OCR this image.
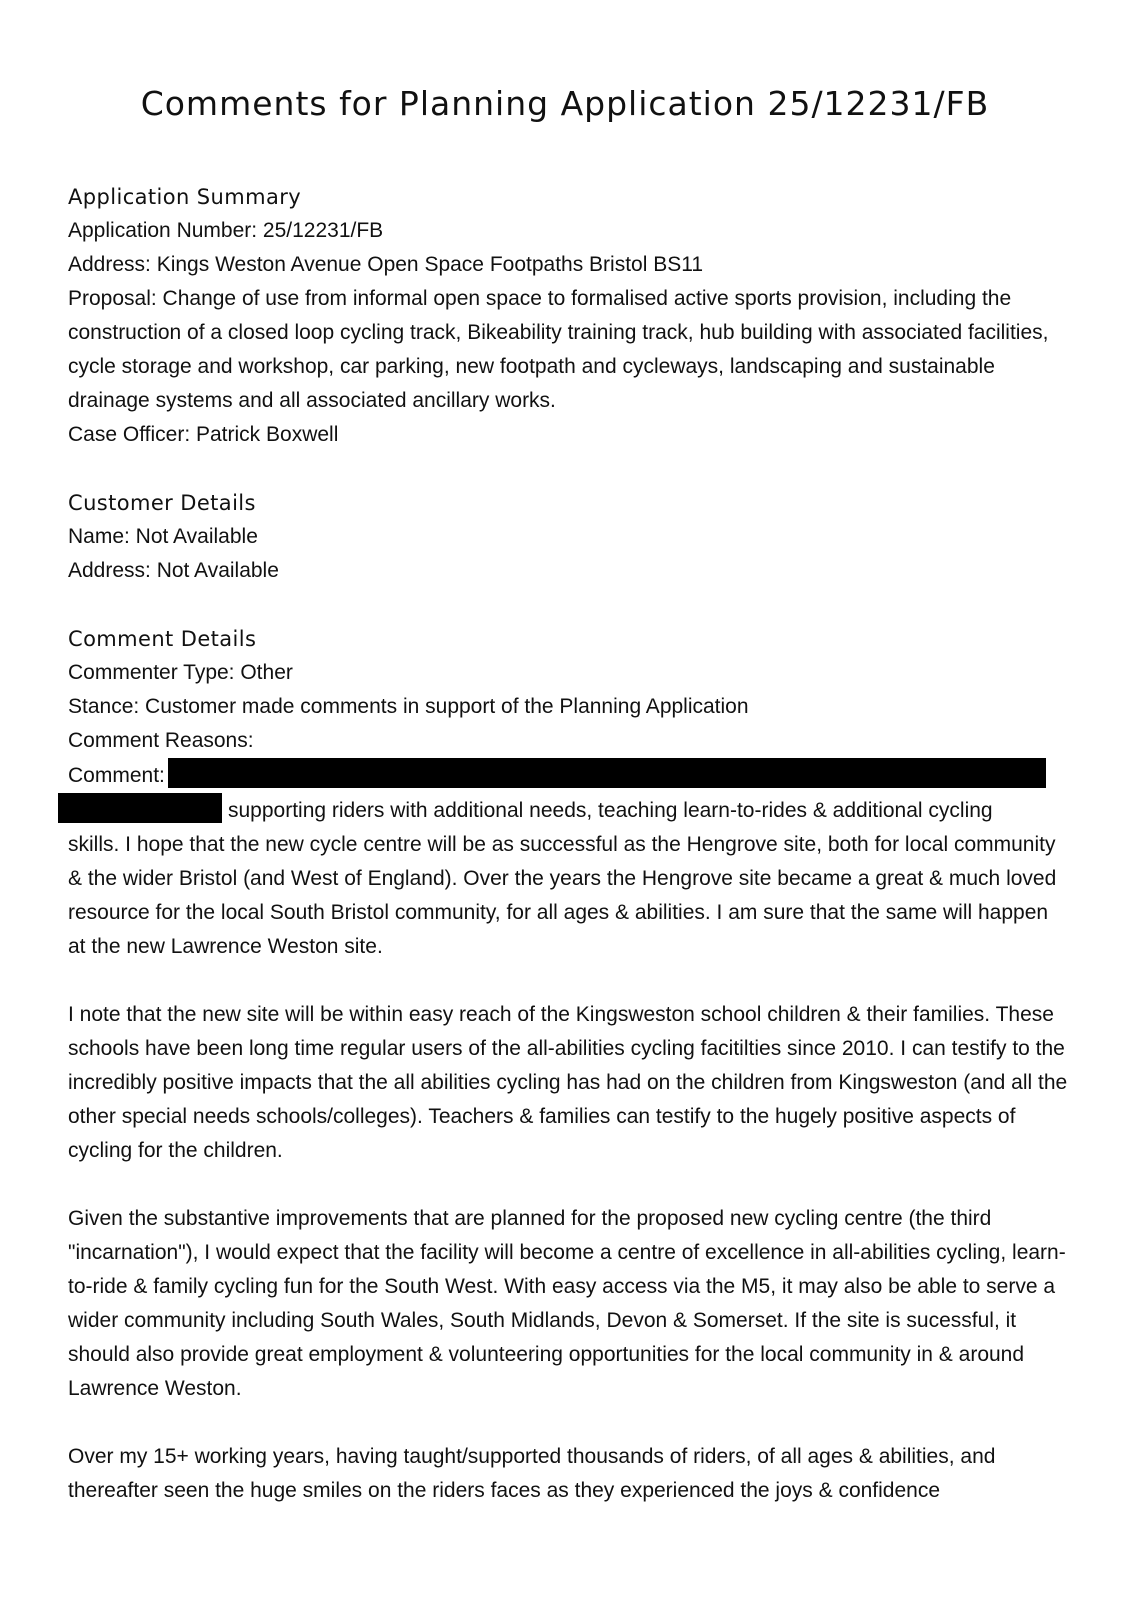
Comments for Planning Application 25/12231/FB

Application Summary

Application Number: 25/12231/FB

Address: Kings Weston Avenue Open Space Footpaths Bristol BS11

Proposal: Change of use from informal open space to formalised active sports provision, including the construction of a closed loop cycling track, Bikeability training track, hub building with associated facilities, cycle storage and workshop, car parking, new footpath and cycleways, landscaping and sustainable drainage systems and all associated ancillary works.

Case Officer: Patrick Boxwell

Customer Details

Name: Not Available

Address: Not Available

Comment Details

Commenter Type: Other

Stance: Customer made comments in support of the Planning Application

Comment Reasons:

Comment:

supporting riders with additional needs, teaching learn-to-rides & additional cycling

skills. I hope that the new cycle centre will be as successful as the Hengrove site, both for local community & the wider Bristol (and West of England). Over the years the Hengrove site became a great & much loved resource for the local South Bristol community, for all ages & abilities. I am sure that the same will happen at the new Lawrence Weston site.

I note that the new site will be within easy reach of the Kingsweston school children & their families. These schools have been long time regular users of the all-abilities cycling facitilties since 2010. I can testify to the incredibly positive impacts that the all abilities cycling has had on the children from Kingsweston (and all the other special needs schools/colleges). Teachers & families can testify to the hugely positive aspects of cycling for the children.

Given the substantive improvements that are planned for the proposed new cycling centre (the third "incarnation"), I would expect that the facility will become a centre of excellence in all-abilities cycling, learn-to-ride & family cycling fun for the South West. With easy access via the M5, it may also be able to serve a wider community including South Wales, South Midlands, Devon & Somerset. If the site is sucessful, it should also provide great employment & volunteering opportunities for the local community in & around Lawrence Weston.

Over my 15+ working years, having taught/supported thousands of riders, of all ages & abilities, and thereafter seen the huge smiles on the riders faces as they experienced the joys & confidence
